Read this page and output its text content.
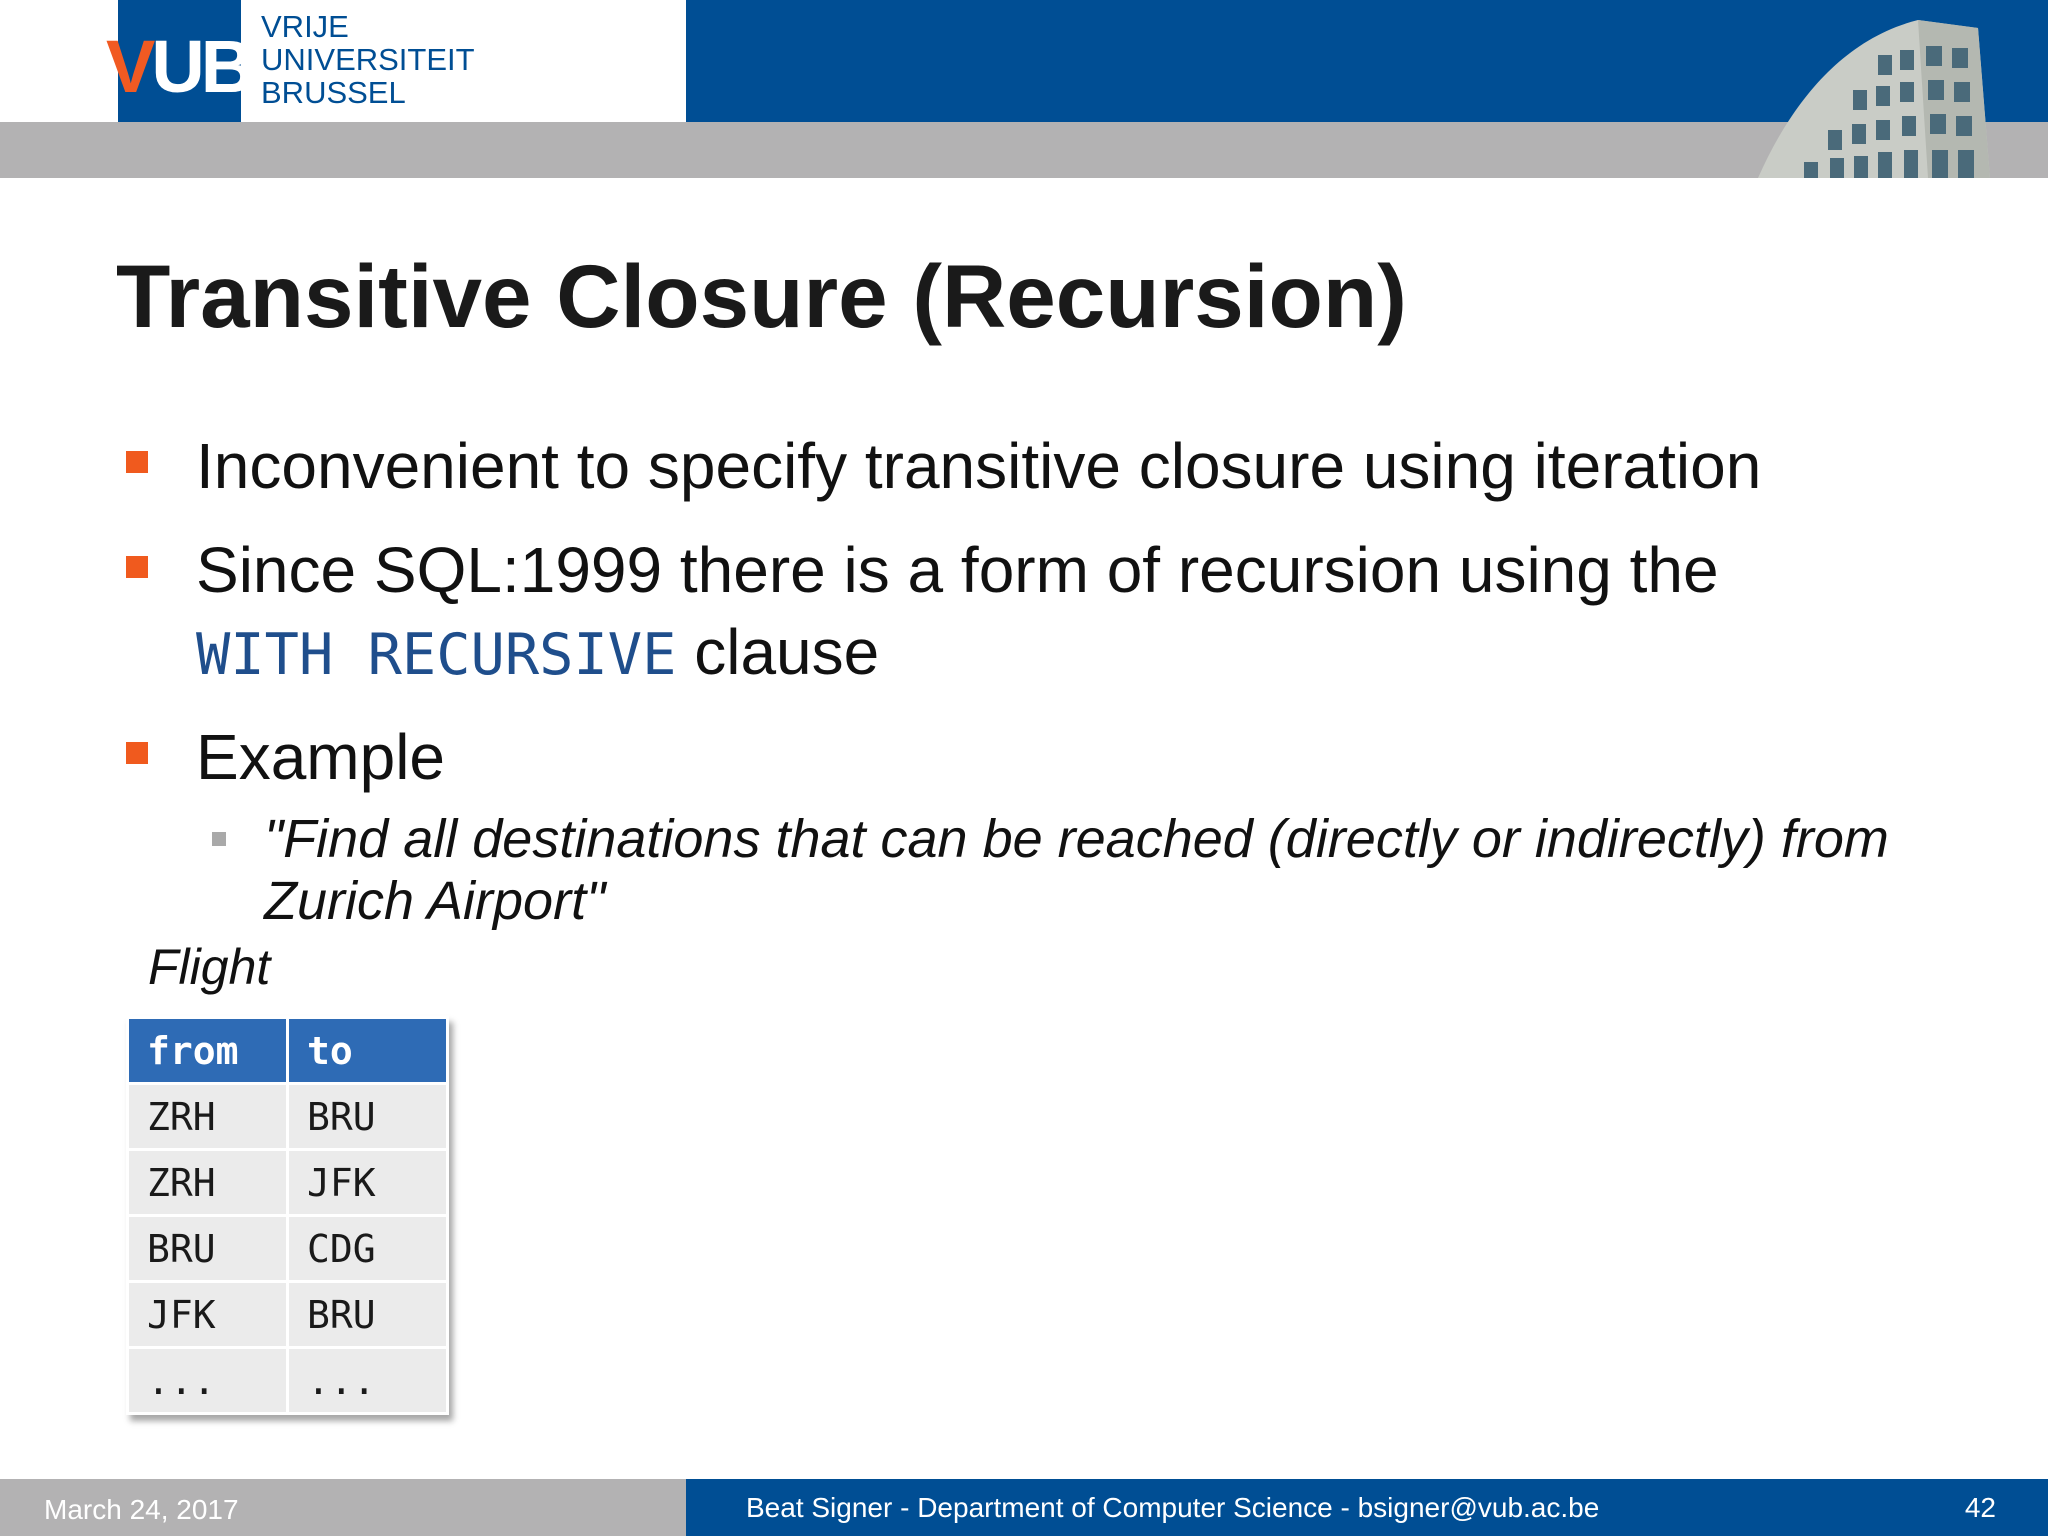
VUB VRIJE
UNIVERSITEIT
BRUSSEL
Transitive Closure (Recursion)
Inconvenient to specify transitive closure using iteration
Since SQL:1999 there is a form of recursion using the
WITH RECURSIVE clause
Example
"Find all destinations that can be reached (directly or indirectly) from Zurich Airport"
Flight
from	to
ZRH	BRU
ZRH	JFK
BRU	CDG
JFK	BRU
...	...
March 24, 2017	Beat Signer - Department of Computer Science - bsigner@vub.ac.be	42
